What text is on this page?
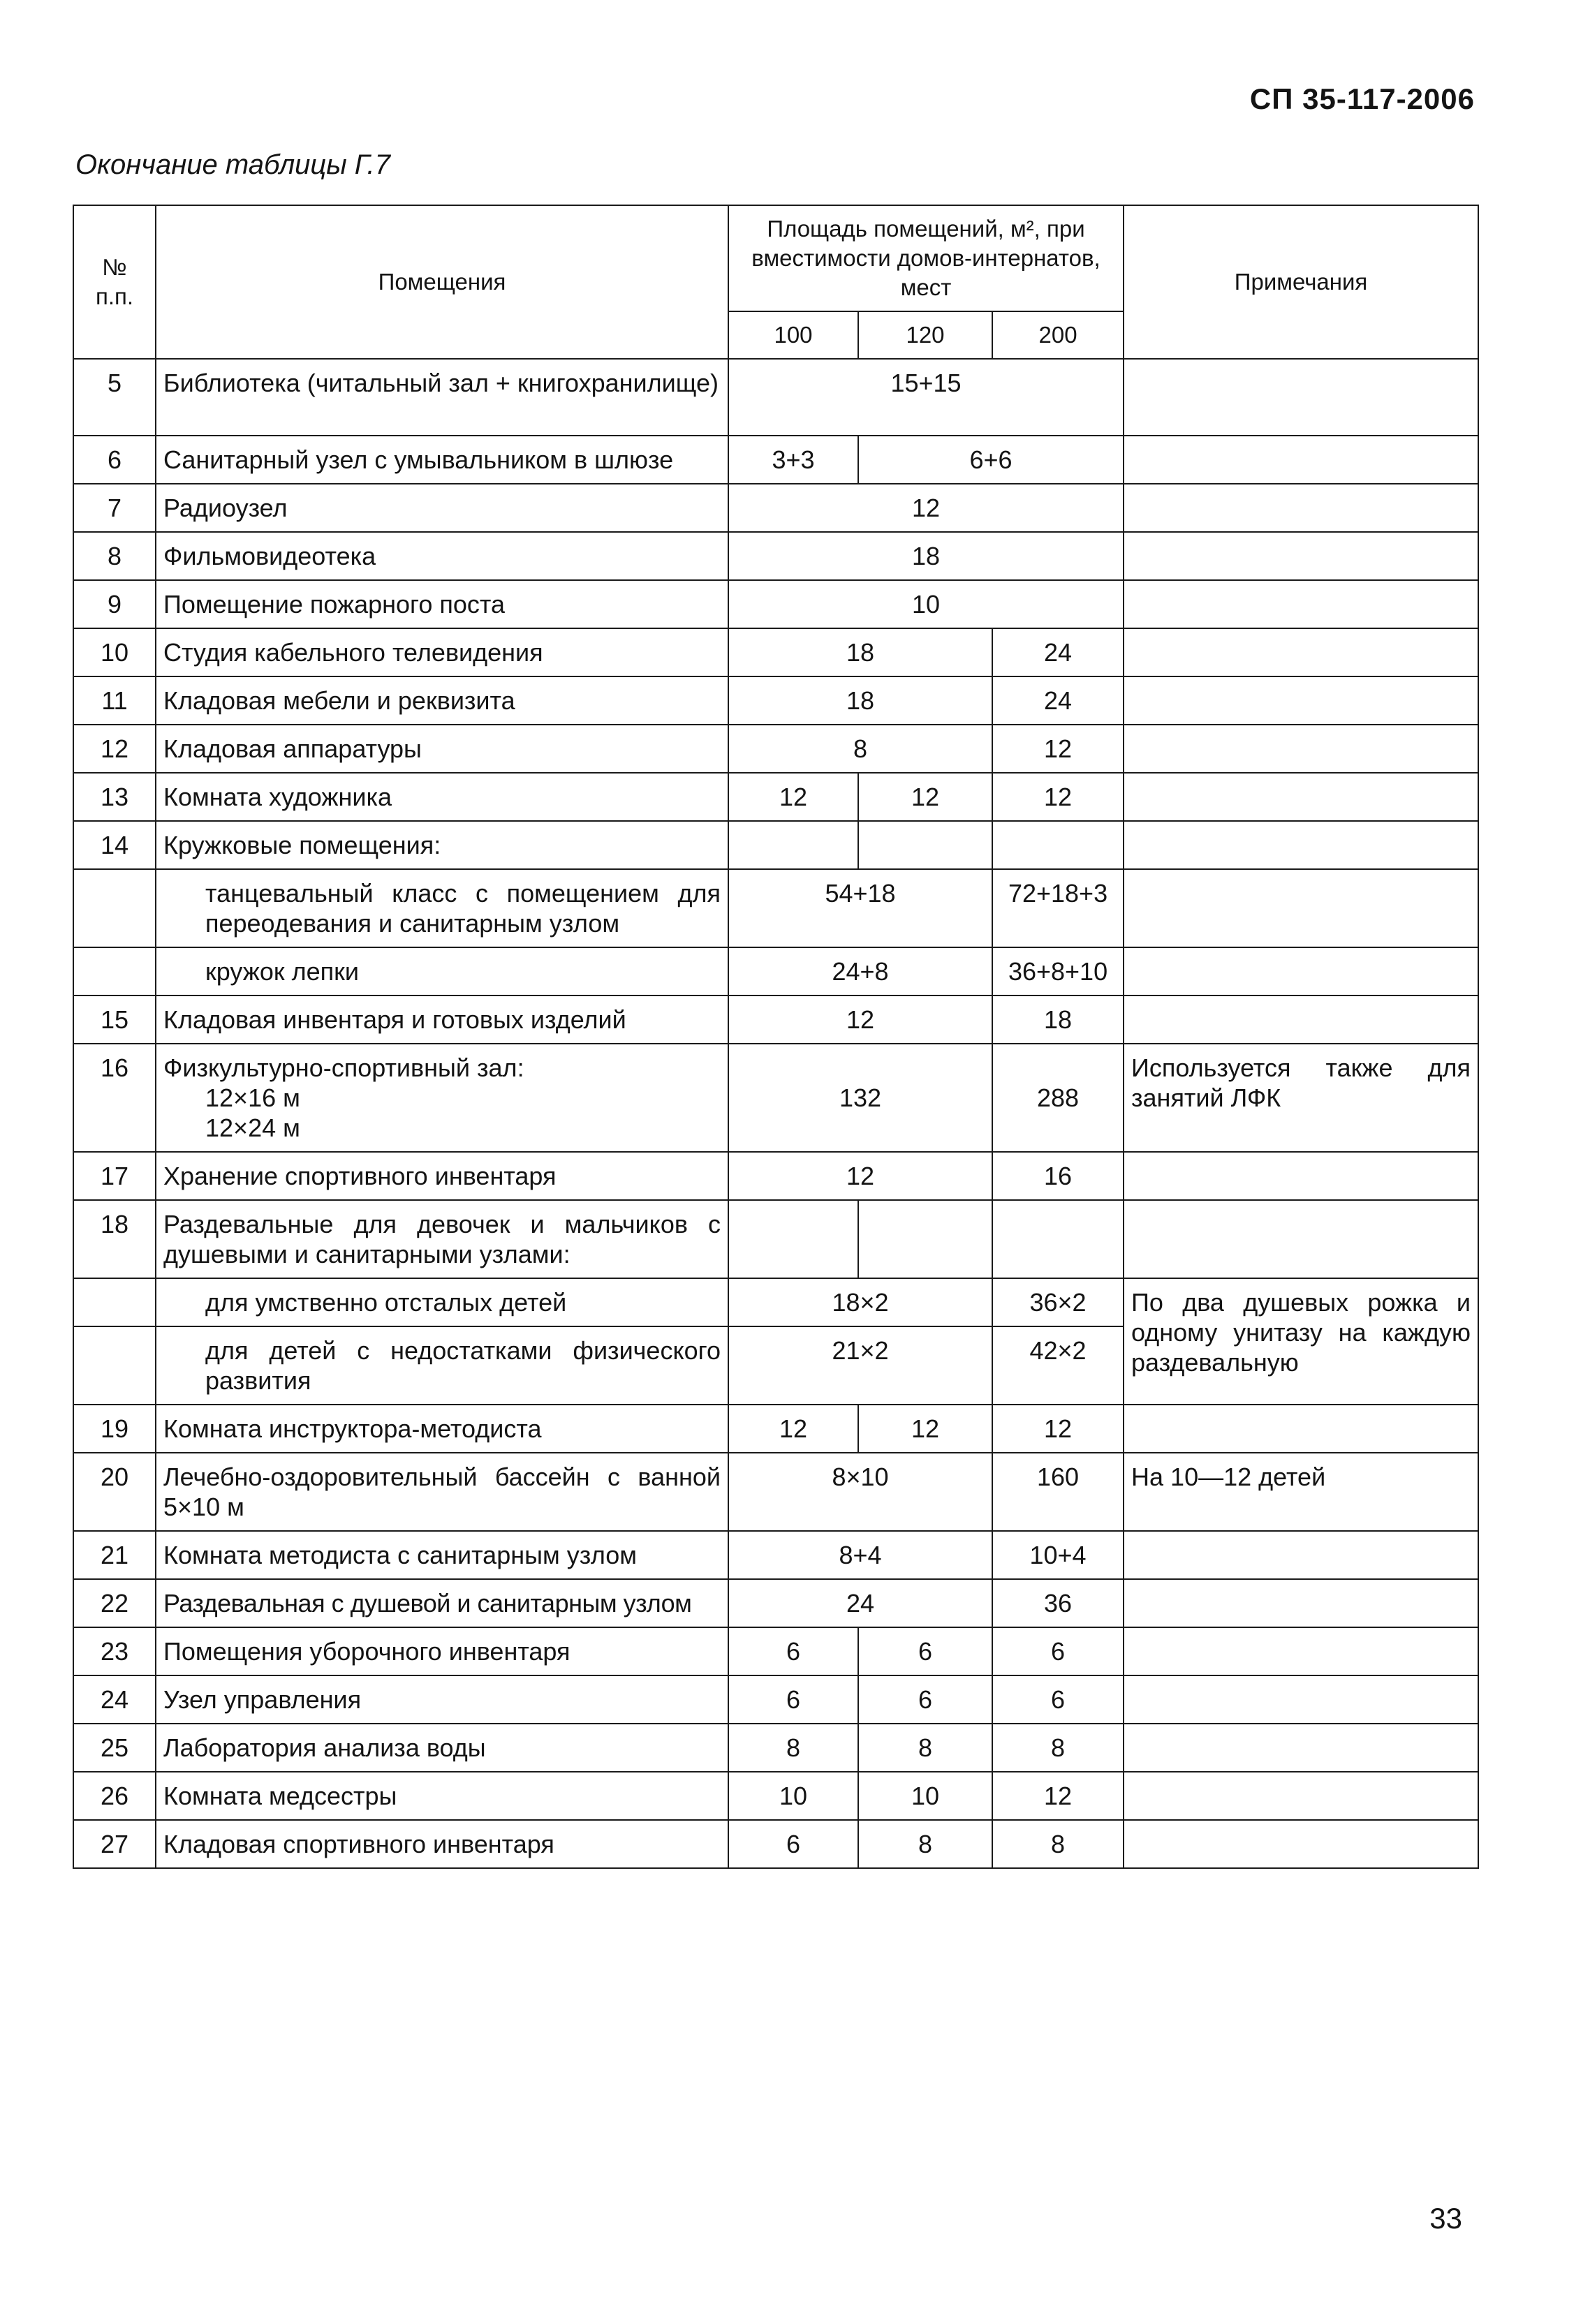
СП 35-117-2006
Окончание таблицы Г.7
№ п.п.	Помещения	Площадь помещений, м², при вместимости домов-интернатов, мест			Примечания
		100	120	200	
5	Библиотека (читальный зал + книгохранилище)	15+15			
6	Санитарный узел с умывальником в шлюзе	3+3	6+6		
7	Радиоузел	12			
8	Фильмовидеотека	18			
9	Помещение пожарного поста	10			
10	Студия кабельного телевидения	18		24	
11	Кладовая мебели и реквизита	18		24	
12	Кладовая аппаратуры	8		12	
13	Комната художника	12	12	12	
14	Кружковые помещения:				
	танцевальный класс с помещением для переодевания и санитарным узлом	54+18		72+18+3	
	кружок лепки	24+8		36+8+10	
15	Кладовая инвентаря и готовых изделий	12		18	
16	Физкультурно-спортивный зал:
12×16 м
12×24 м	132		288	Используется также для занятий ЛФК
17	Хранение спортивного инвентаря	12		16	
18	Раздевальные для девочек и мальчиков с душевыми и санитарными узлами:				
	для умственно отсталых детей	18×2		36×2	По два душевых рожка и одному унитазу на каждую раздевальную
	для детей с недостатками физического развития	21×2		42×2	
19	Комната инструктора-методиста	12	12	12	
20	Лечебно-оздоровительный бассейн с ванной 5×10 м	8×10		160	На 10—12 детей
21	Комната методиста с санитарным узлом	8+4		10+4	
22	Раздевальная с душевой и санитарным узлом	24		36	
23	Помещения уборочного инвентаря	6	6	6	
24	Узел управления	6	6	6	
25	Лаборатория анализа воды	8	8	8	
26	Комната медсестры	10	10	12	
27	Кладовая спортивного инвентаря	6	8	8	
33
